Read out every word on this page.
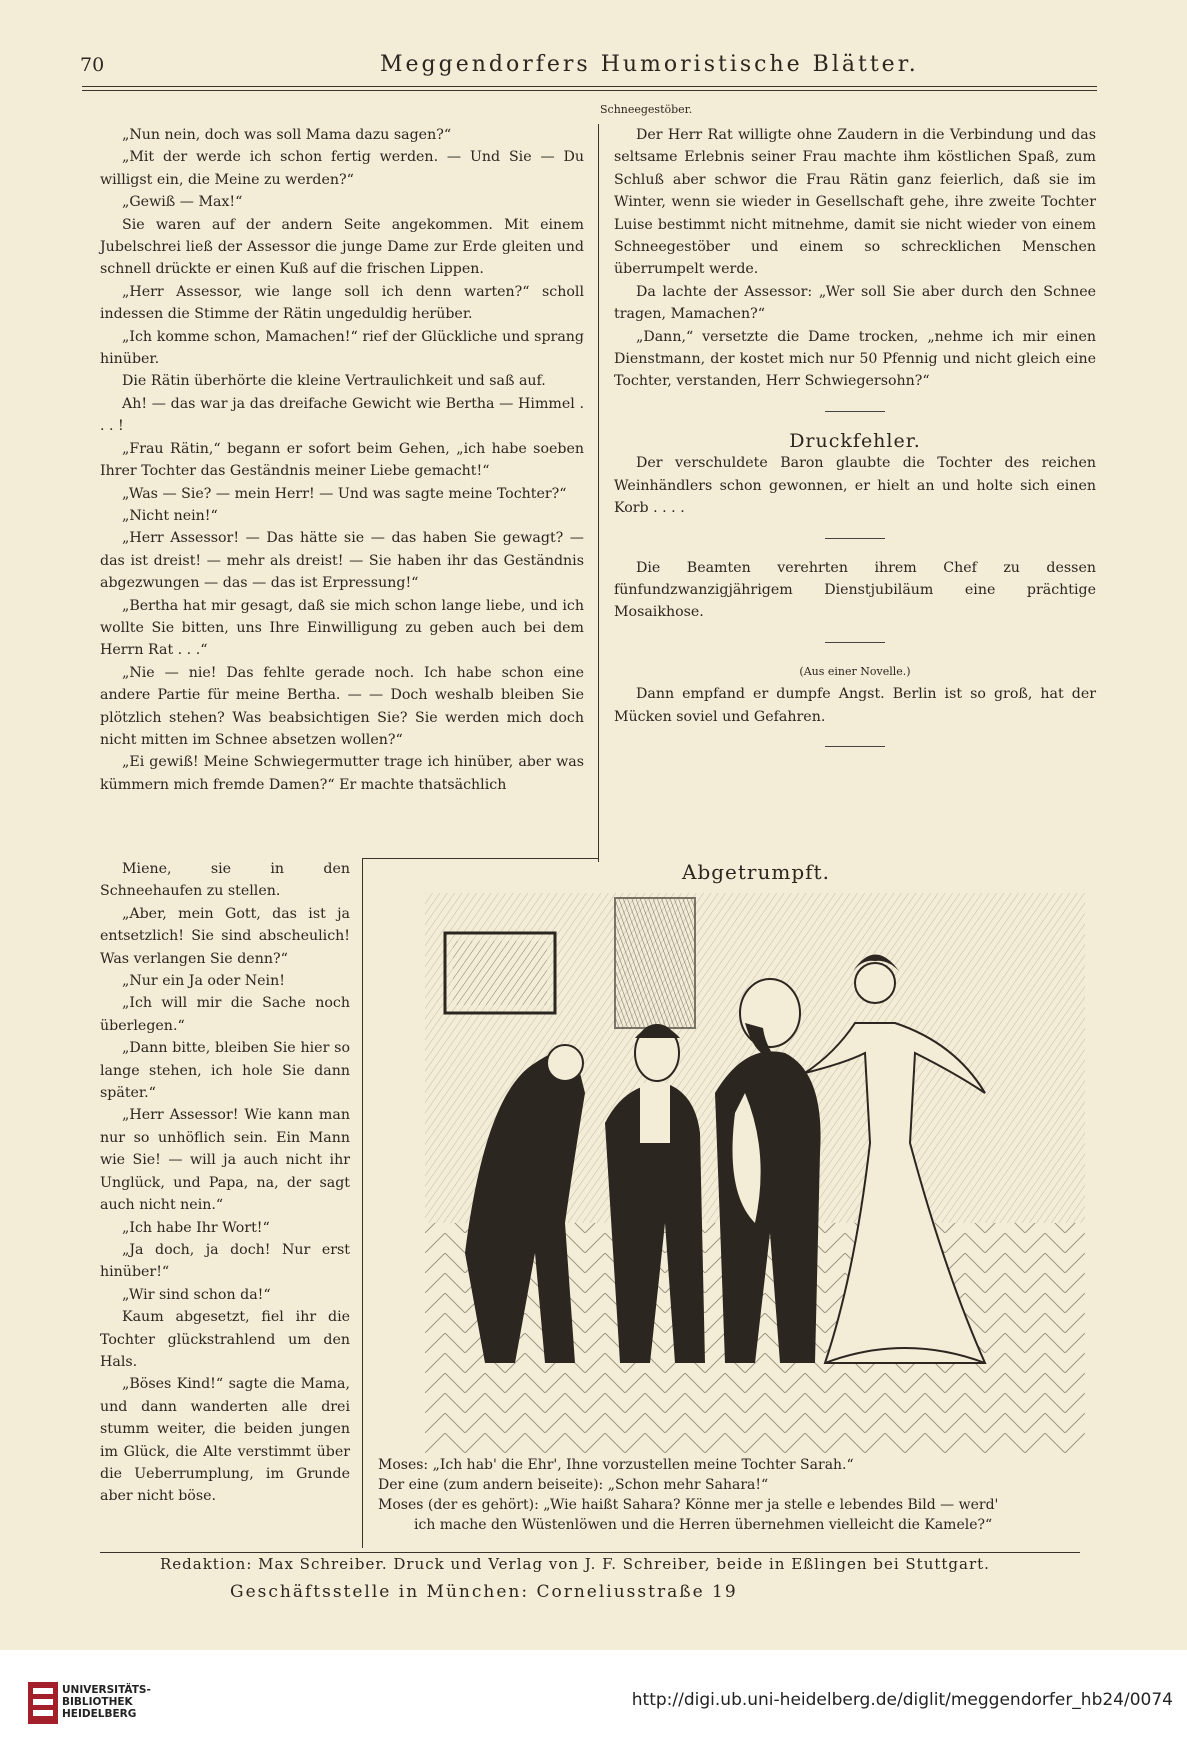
70	Meggendorfers Humoristische Blätter.
Schneegestöber.

„Nun nein, doch was soll Mama dazu sagen?“

„Mit der werde ich schon fertig werden. — Und Sie — Du willigst ein, die Meine zu werden?“

„Gewiß — Max!“

Sie waren auf der andern Seite angekommen. Mit einem Jubelschrei ließ der Assessor die junge Dame zur Erde gleiten und schnell drückte er einen Kuß auf die frischen Lippen.

„Herr Assessor, wie lange soll ich denn warten?“ scholl indessen die Stimme der Rätin ungeduldig herüber.

„Ich komme schon, Mamachen!“ rief der Glückliche und sprang hinüber.

Die Rätin überhörte die kleine Vertraulichkeit und saß auf.

Ah! — das war ja das dreifache Gewicht wie Bertha — Himmel . . . !

„Frau Rätin,“ begann er sofort beim Gehen, „ich habe soeben Ihrer Tochter das Geständnis meiner Liebe gemacht!“

„Was — Sie? — mein Herr! — Und was sagte meine Tochter?“

„Nicht nein!“

„Herr Assessor! — Das hätte sie — das haben Sie gewagt? — das ist dreist! — mehr als dreist! — Sie haben ihr das Geständnis abgezwungen — das — das ist Erpressung!“

„Bertha hat mir gesagt, daß sie mich schon lange liebe, und ich wollte Sie bitten, uns Ihre Einwilligung zu geben auch bei dem Herrn Rat . . .“

„Nie — nie! Das fehlte gerade noch. Ich habe schon eine andere Partie für meine Bertha. — — Doch weshalb bleiben Sie plötzlich stehen? Was beabsichtigen Sie? Sie werden mich doch nicht mitten im Schnee absetzen wollen?“

„Ei gewiß! Meine Schwiegermutter trage ich hinüber, aber was kümmern mich fremde Damen?“ Er machte thatsächlich

Miene, sie in den Schneehaufen zu stellen.

„Aber, mein Gott, das ist ja entsetzlich! Sie sind abscheulich! Was verlangen Sie denn?“

„Nur ein Ja oder Nein!

„Ich will mir die Sache noch überlegen.“

„Dann bitte, bleiben Sie hier so lange stehen, ich hole Sie dann später.“

„Herr Assessor! Wie kann man nur so unhöflich sein. Ein Mann wie Sie! — will ja auch nicht ihr Unglück, und Papa, na, der sagt auch nicht nein.“

„Ich habe Ihr Wort!“

„Ja doch, ja doch! Nur erst hinüber!“

„Wir sind schon da!“

Kaum abgesetzt, fiel ihr die Tochter glückstrahlend um den Hals.

„Böses Kind!“ sagte die Mama, und dann wanderten alle drei stumm weiter, die beiden jungen im Glück, die Alte verstimmt über die Ueberrumplung, im Grunde aber nicht böse.

Der Herr Rat willigte ohne Zaudern in die Verbindung und das seltsame Erlebnis seiner Frau machte ihm köstlichen Spaß, zum Schluß aber schwor die Frau Rätin ganz feierlich, daß sie im Winter, wenn sie wieder in Gesellschaft gehe, ihre zweite Tochter Luise bestimmt nicht mitnehme, damit sie nicht wieder von einem Schneegestöber und einem so schrecklichen Menschen überrumpelt werde.

Da lachte der Assessor: „Wer soll Sie aber durch den Schnee tragen, Mamachen?“

„Dann,“ versetzte die Dame trocken, „nehme ich mir einen Dienstmann, der kostet mich nur 50 Pfennig und nicht gleich eine Tochter, verstanden, Herr Schwiegersohn?“

Druckfehler.

Der verschuldete Baron glaubte die Tochter des reichen Weinhändlers schon gewonnen, er hielt an und holte sich einen Korb . . . .

Die Beamten verehrten ihrem Chef zu dessen fünfundzwanzigjährigem Dienstjubiläum eine prächtige Mosaikhose.

(Aus einer Novelle.)

Dann empfand er dumpfe Angst. Berlin ist so groß, hat der Mücken soviel und Gefahren.

Abgetrumpft.
Moses: „Ich hab' die Ehr', Ihne vorzustellen meine Tochter Sarah.“
Der eine (zum andern beiseite): „Schon mehr Sahara!“
Moses (der es gehört): „Wie haißt Sahara? Könne mer ja stelle e lebendes Bild — werd'
ich mache den Wüstenlöwen und die Herren übernehmen vielleicht die Kamele?“
Redaktion: Max Schreiber. Druck und Verlag von J. F. Schreiber, beide in Eßlingen bei Stuttgart.
Geschäftsstelle in München: Corneliusstraße 19
UNIVERSITÄTS-
BIBLIOTHEK
HEIDELBERG
http://digi.ub.uni-heidelberg.de/diglit/meggendorfer_hb24/0074
